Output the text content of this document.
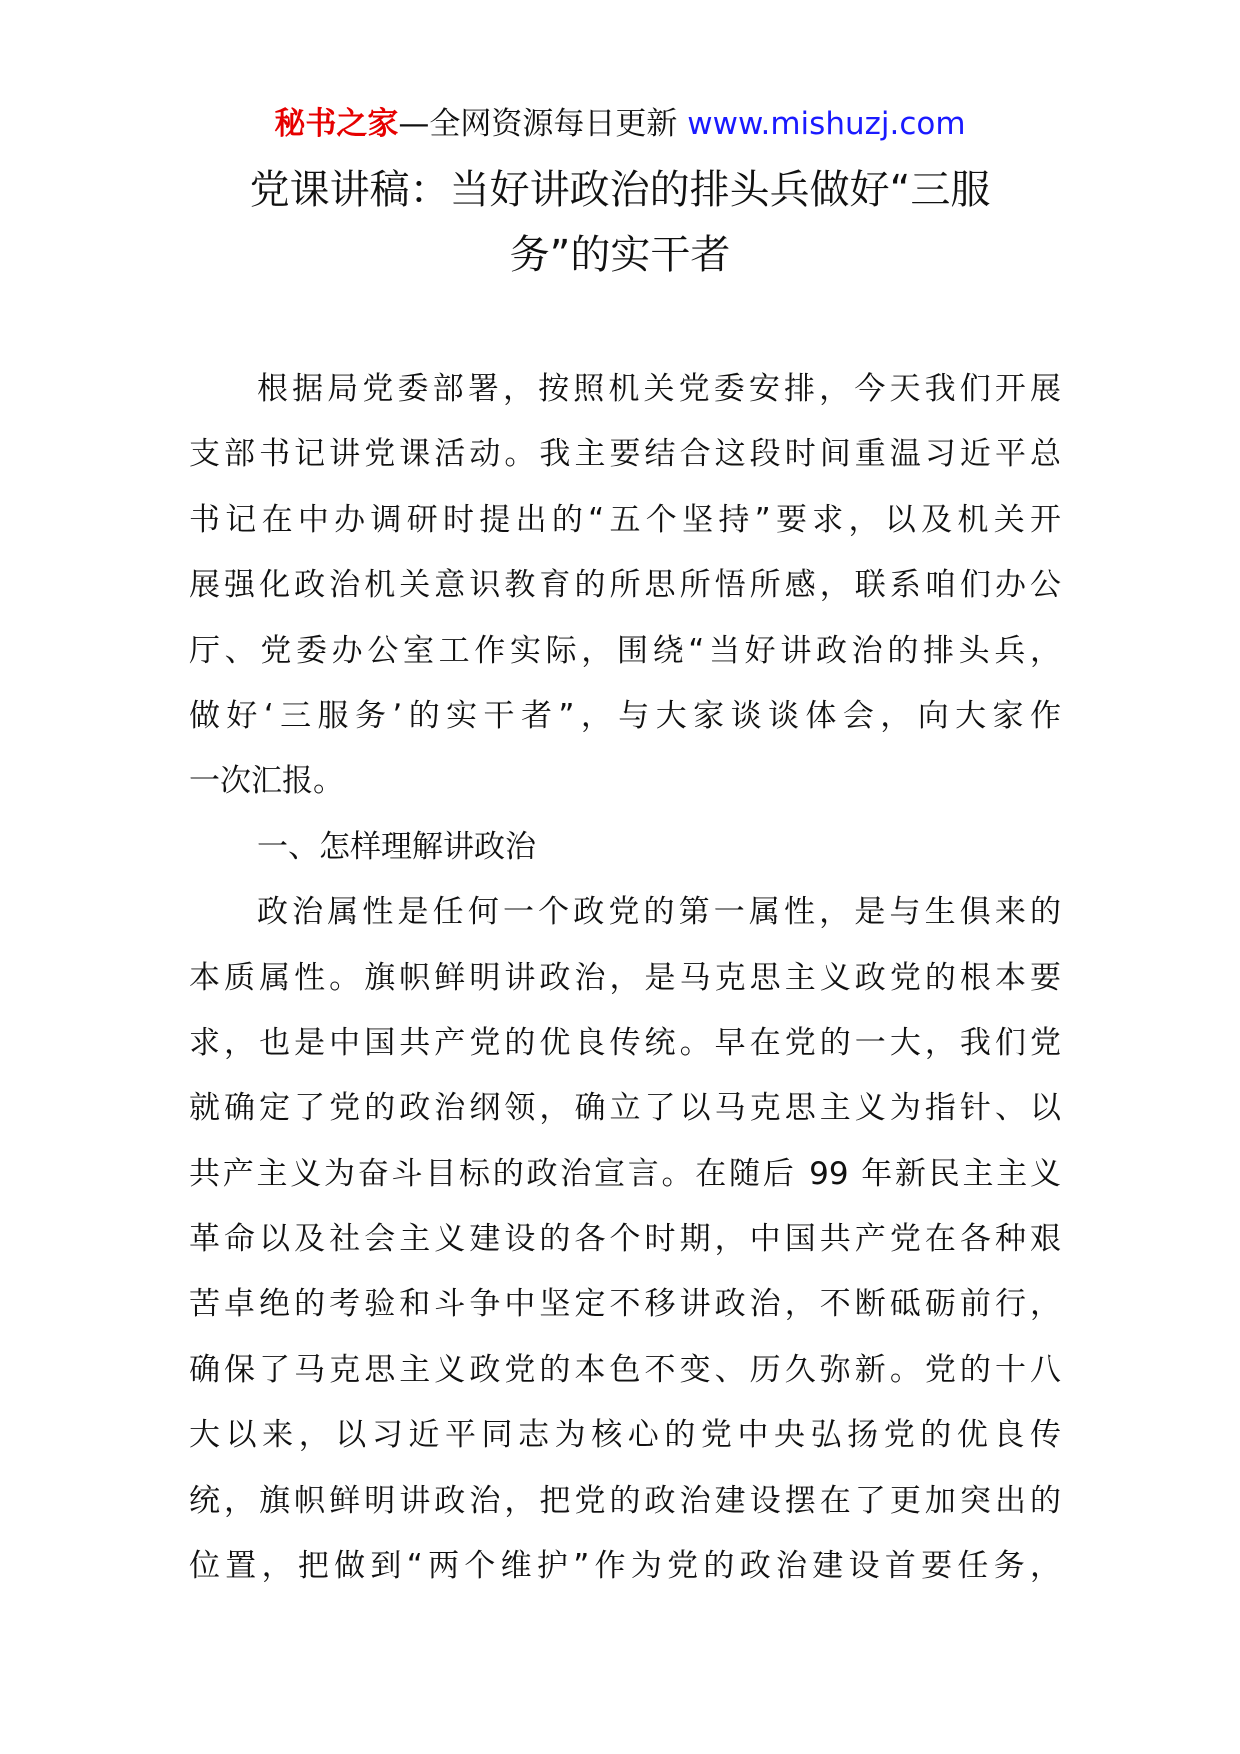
秘书之家—全网资源每日更新 www.mishuzj.com
党课讲稿：当好讲政治的排头兵做好“三服
务”的实干者
根据局党委部署，按照机关党委安排，今天我们开展
支部书记讲党课活动。我主要结合这段时间重温习近平总
书记在中办调研时提出的“五个坚持”要求，以及机关开
展强化政治机关意识教育的所思所悟所感，联系咱们办公
厅、党委办公室工作实际，围绕“当好讲政治的排头兵，
做好‘三服务’的实干者”，与大家谈谈体会，向大家作
一次汇报。
一、怎样理解讲政治
政治属性是任何一个政党的第一属性，是与生俱来的
本质属性。旗帜鲜明讲政治，是马克思主义政党的根本要
求，也是中国共产党的优良传统。早在党的一大，我们党
就确定了党的政治纲领，确立了以马克思主义为指针、以
共产主义为奋斗目标的政治宣言。在随后 99 年新民主主义
革命以及社会主义建设的各个时期，中国共产党在各种艰
苦卓绝的考验和斗争中坚定不移讲政治，不断砥砺前行，
确保了马克思主义政党的本色不变、历久弥新。党的十八
大以来，以习近平同志为核心的党中央弘扬党的优良传
统，旗帜鲜明讲政治，把党的政治建设摆在了更加突出的
位置，把做到“两个维护”作为党的政治建设首要任务，
